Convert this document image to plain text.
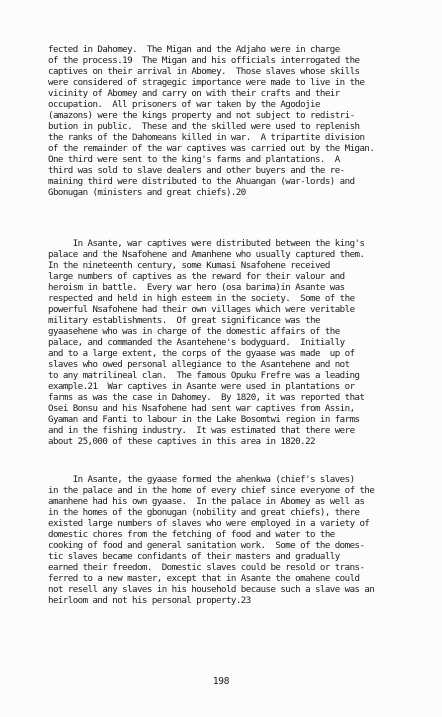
fected in Dahomey.  The Migan and the Adjaho were in charge
of the process.19  The Migan and his officials interrogated the
captives on their arrival in Abomey.  Those slaves whose skills
were considered of stragegic importance were made to live in the
vicinity of Abomey and carry on with their crafts and their
occupation.  All prisoners of war taken by the Agodojie
(amazons) were the kings property and not subject to redistri-
bution in public.  These and the skilled were used to replenish
the ranks of the Dahomeans killed in war.  A tripartite division
of the remainder of the war captives was carried out by the Migan.
One third were sent to the king's farms and plantations.  A
third was sold to slave dealers and other buyers and the re-
maining third were distributed to the Ahuangan (war-lords) and
Gbonugan (ministers and great chiefs).20
In Asante, war captives were distributed between the king's
palace and the Nsafohene and Amanhene who usually captured them.
In the nineteenth century, some Kumasi Nsafohene received
large numbers of captives as the reward for their valour and
heroism in battle.  Every war hero (osa barima)in Asante was
respected and held in high esteem in the society.  Some of the
powerful Nsafohene had their own villages which were veritable
military establishments.  Of great significance was the
gyaasehene who was in charge of the domestic affairs of the
palace, and commanded the Asantehene's bodyguard.  Initially
and to a large extent, the corps of the gyaase was made  up of
slaves who owed personal allegiance to the Asantehene and not
to any matrilineal clan.  The famous Opuku Frefre was a leading
example.21  War captives in Asante were used in plantations or
farms as was the case in Dahomey.  By 1820, it was reported that
Osei Bonsu and his Nsafohene had sent war captives from Assin,
Gyaman and Fanti to labour in the Lake Bosomtwi region in farms
and in the fishing industry.  It was estimated that there were
about 25,000 of these captives in this area in 1820.22
In Asante, the gyaase formed the ahenkwa (chief's slaves)
in the palace and in the home of every chief since everyone of the
amanhene had his own gyaase.  In the palace in Abomey as well as
in the homes of the gbonugan (nobility and great chiefs), there
existed large numbers of slaves who were employed in a variety of
domestic chores from the fetching of food and water to the
cooking of food and general sanitation work.  Some of the domes-
tic slaves became confidants of their masters and gradually
earned their freedom.  Domestic slaves could be resold or trans-
ferred to a new master, except that in Asante the omahene could
not resell any slaves in his household because such a slave was an
heirloom and not his personal property.23
198
